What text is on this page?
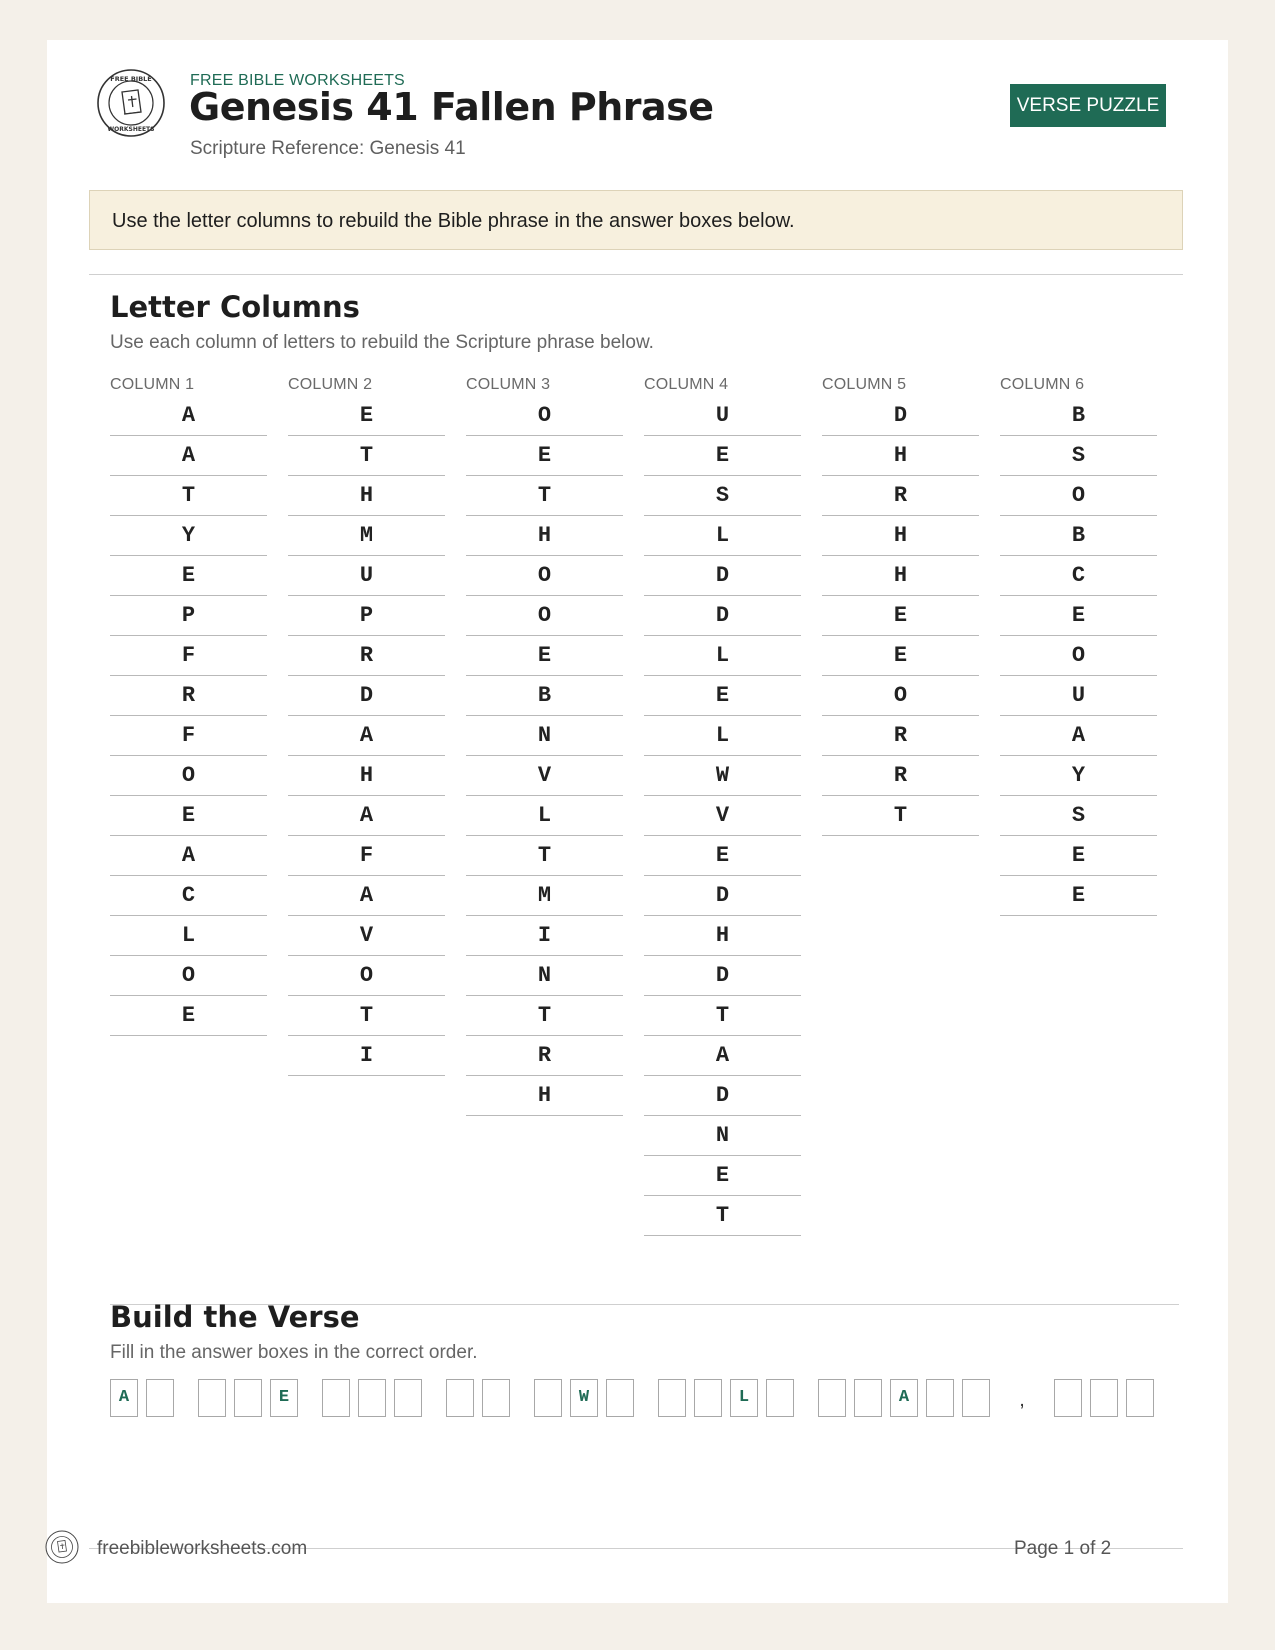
FREE BIBLE
WORKSHEETS
FREE BIBLE WORKSHEETS
Genesis 41 Fallen Phrase
Scripture Reference: Genesis 41
VERSE PUZZLE
Use the letter columns to rebuild the Bible phrase in the answer boxes below.
Letter Columns
Use each column of letters to rebuild the Scripture phrase below.
COLUMN 1
A
A
T
Y
E
P
F
R
F
O
E
A
C
L
O
E
COLUMN 2
E
T
H
M
U
P
R
D
A
H
A
F
A
V
O
T
I
COLUMN 3
O
E
T
H
O
O
E
B
N
V
L
T
M
I
N
T
R
H
COLUMN 4
U
E
S
L
D
D
L
E
L
W
V
E
D
H
D
T
A
D
N
E
T
COLUMN 5
D
H
R
H
H
E
E
O
R
R
T
COLUMN 6
B
S
O
B
C
E
O
U
A
Y
S
E
E
Build the Verse
Fill in the answer boxes in the correct order.
A	E	W	L	A	,
freebibleworksheets.com	Page 1 of 2
